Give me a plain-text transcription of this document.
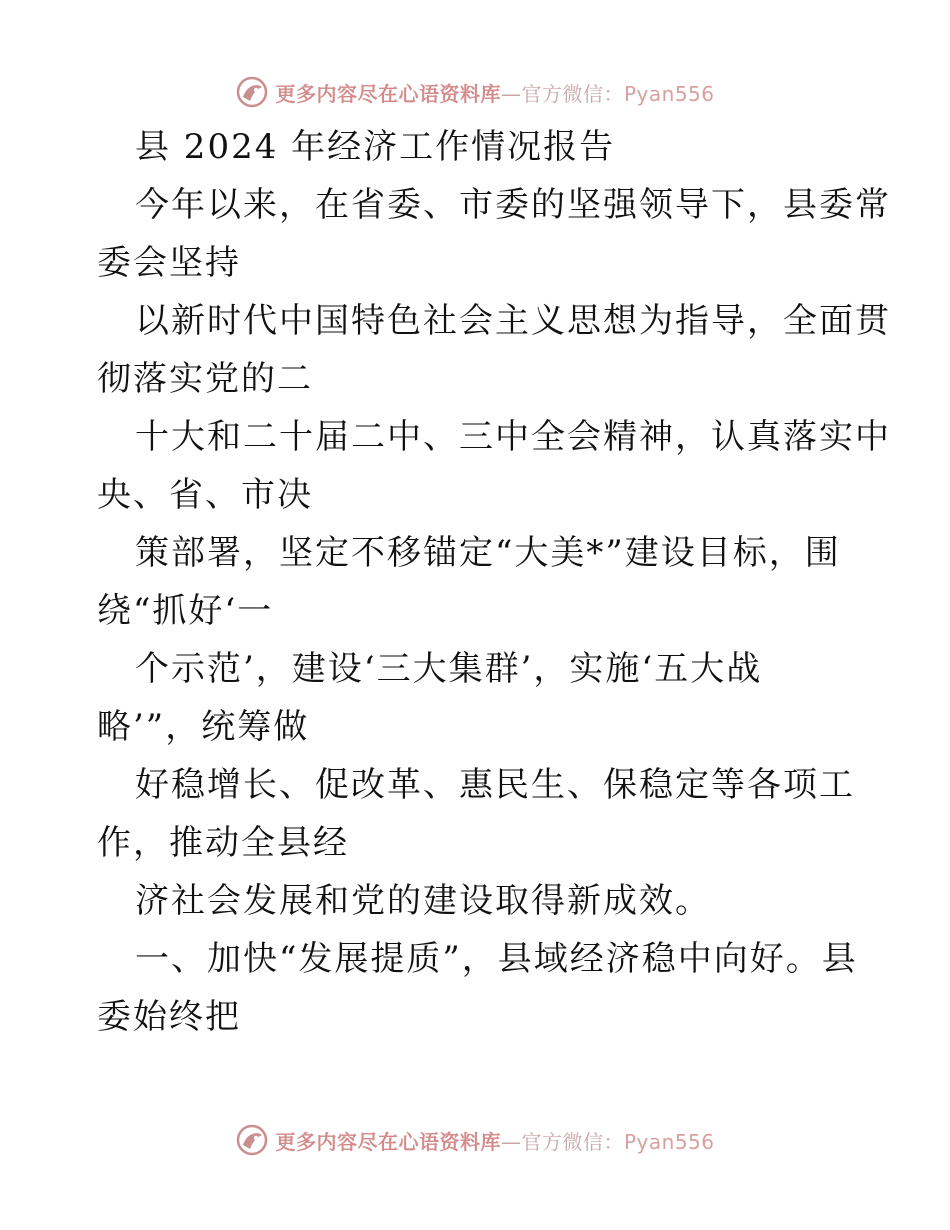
更多内容尽在心语资料库—官方微信：Pyan556

县 2024 年经济工作情况报告

今年以来，在省委、市委的坚强领导下，县委常

委会坚持

以新时代中国特色社会主义思想为指导，全面贯

彻落实党的二

十大和二十届二中、三中全会精神，认真落实中

央、省、市决

策部署，坚定不移锚定“大美*”建设目标，围

绕“抓好‘一

个示范’，建设‘三大集群’，实施‘五大战

略’”，统筹做

好稳增长、促改革、惠民生、保稳定等各项工

作，推动全县经

济社会发展和党的建设取得新成效。

一、加快“发展提质”，县域经济稳中向好。县

委始终把

更多内容尽在心语资料库—官方微信：Pyan556
